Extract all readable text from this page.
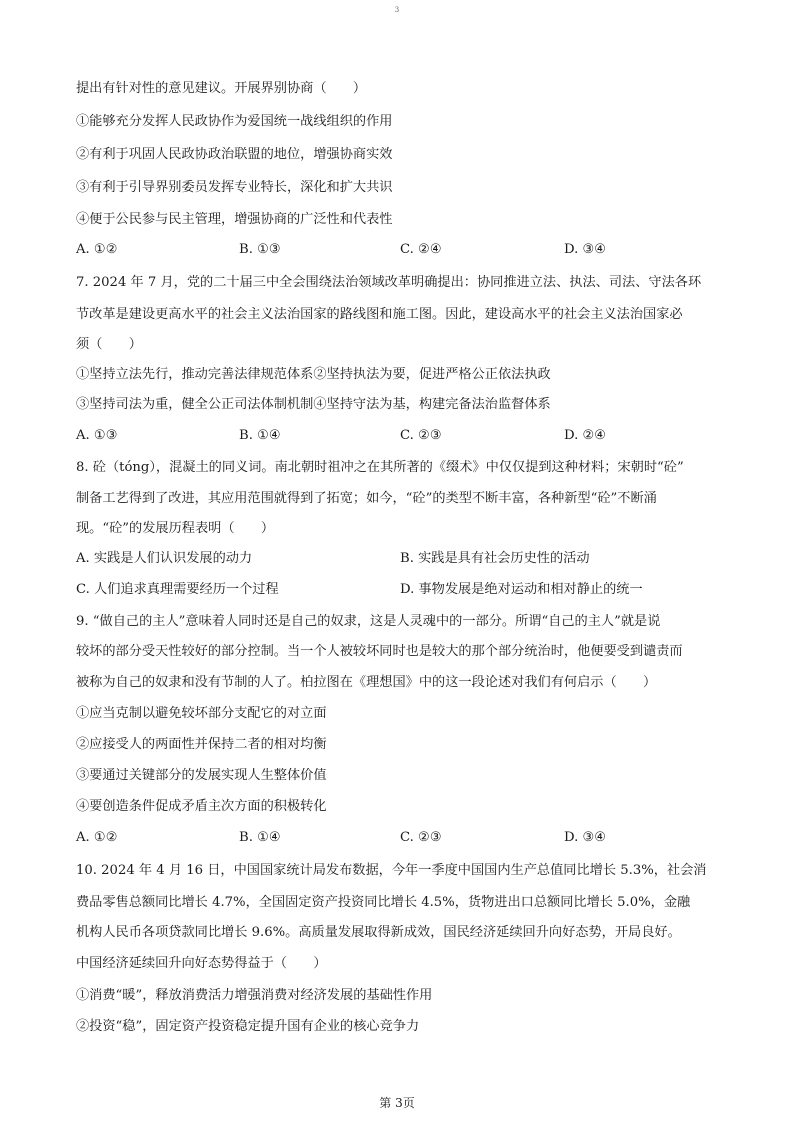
3
提出有针对性的意见建议。开展界别协商（　　）
①能够充分发挥人民政协作为爱国统一战线组织的作用
②有利于巩固人民政协政治联盟的地位，增强协商实效
③有利于引导界别委员发挥专业特长，深化和扩大共识
④便于公民参与民主管理，增强协商的广泛性和代表性
A. ①②	B. ①③	C. ②④	D. ③④
7. 2024 年 7 月，党的二十届三中全会围绕法治领域改革明确提出：协同推进立法、执法、司法、守法各环
节改革是建设更高水平的社会主义法治国家的路线图和施工图。因此，建设高水平的社会主义法治国家必
须（　　）
①坚持立法先行，推动完善法律规范体系②坚持执法为要，促进严格公正依法执政
③坚持司法为重，健全公正司法体制机制④坚持守法为基，构建完备法治监督体系
A. ①③	B. ①④	C. ②③	D. ②④
8. 砼（tóng），混凝土的同义词。南北朝时祖冲之在其所著的《缀术》中仅仅提到这种材料；宋朝时“砼”
制备工艺得到了改进，其应用范围就得到了拓宽；如今，“砼”的类型不断丰富，各种新型“砼”不断涌
现。“砼”的发展历程表明（　　）
A. 实践是人们认识发展的动力	B. 实践是具有社会历史性的活动
C. 人们追求真理需要经历一个过程	D. 事物发展是绝对运动和相对静止的统一
9. “做自己的主人”意味着人同时还是自己的奴隶，这是人灵魂中的一部分。所谓“自己的主人”就是说
较坏的部分受天性较好的部分控制。当一个人被较坏同时也是较大的那个部分统治时，他便要受到谴责而
被称为自己的奴隶和没有节制的人了。柏拉图在《理想国》中的这一段论述对我们有何启示（　　）
①应当克制以避免较坏部分支配它的对立面
②应接受人的两面性并保持二者的相对均衡
③要通过关键部分的发展实现人生整体价值
④要创造条件促成矛盾主次方面的积极转化
A. ①②	B. ①④	C. ②③	D. ③④
10. 2024 年 4 月 16 日，中国国家统计局发布数据，今年一季度中国国内生产总值同比增长 5.3%，社会消
费品零售总额同比增长 4.7%，全国固定资产投资同比增长 4.5%，货物进出口总额同比增长 5.0%，金融
机构人民币各项贷款同比增长 9.6%。高质量发展取得新成效，国民经济延续回升向好态势，开局良好。
中国经济延续回升向好态势得益于（　　）
①消费“暖”，释放消费活力增强消费对经济发展的基础性作用
②投资“稳”，固定资产投资稳定提升国有企业的核心竞争力
第 3页
